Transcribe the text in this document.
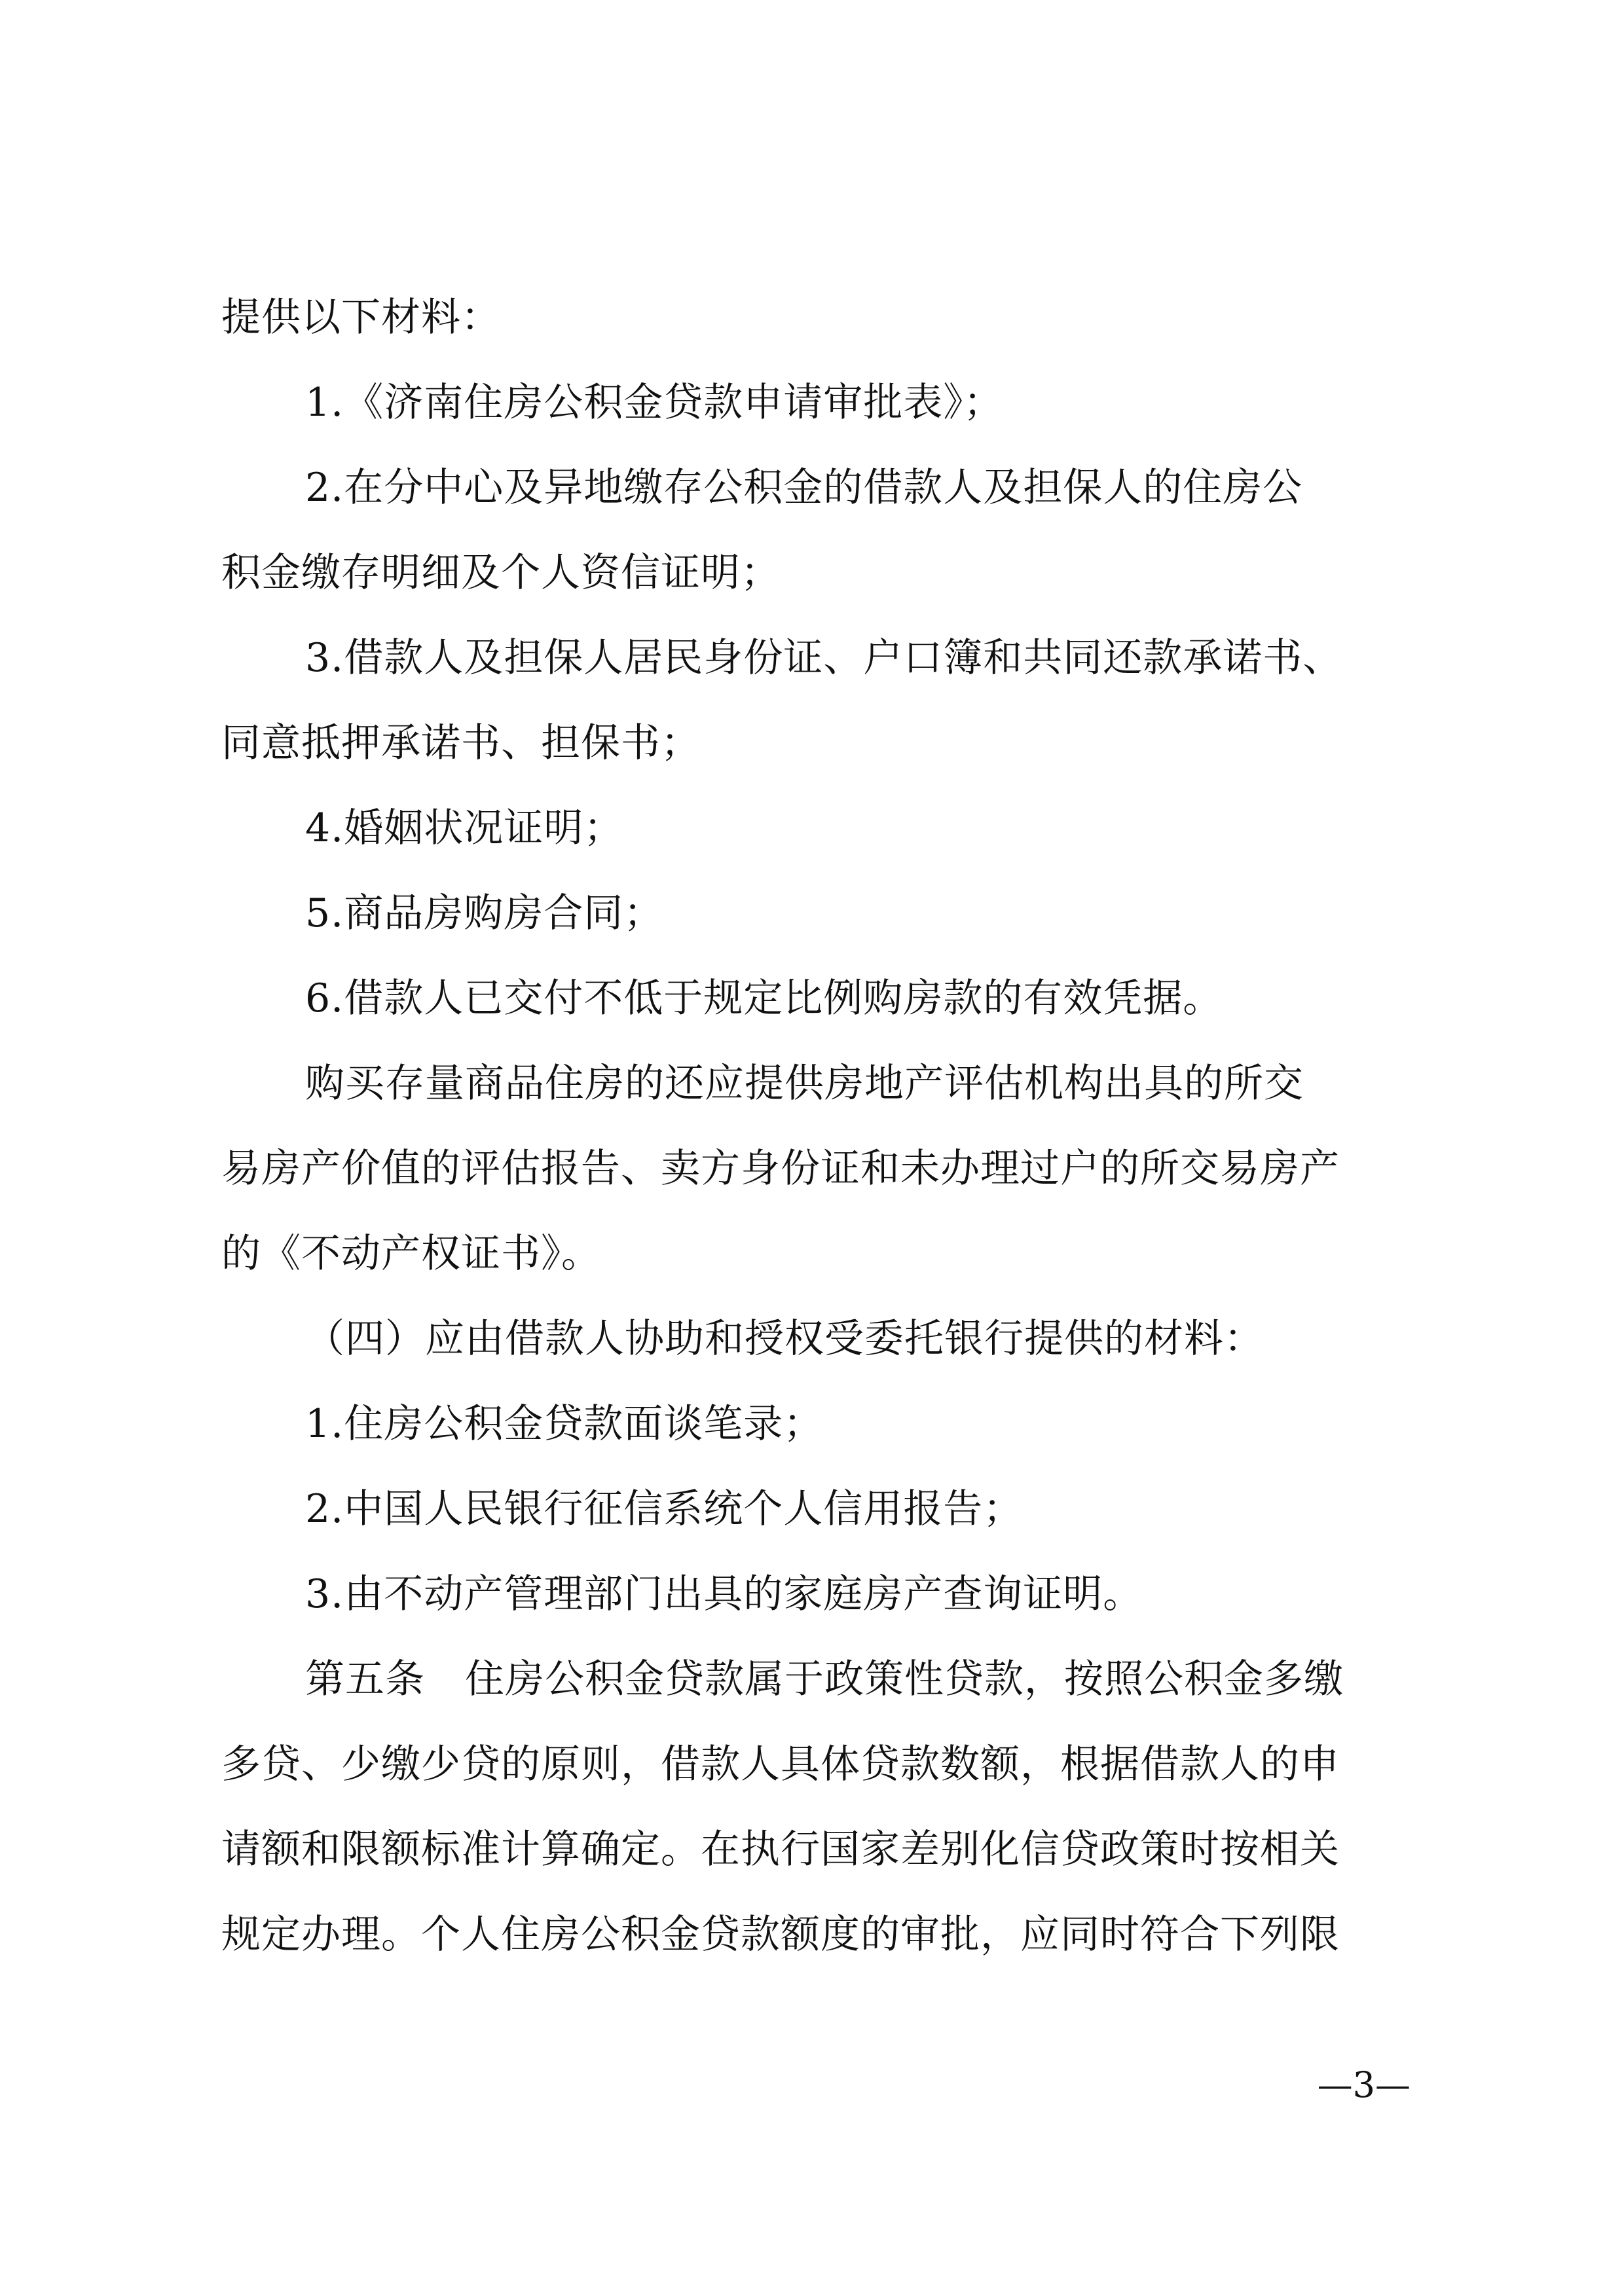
提供以下材料：
1.《济南住房公积金贷款申请审批表》；
2.在分中心及异地缴存公积金的借款人及担保人的住房公
积金缴存明细及个人资信证明；
3.借款人及担保人居民身份证、户口簿和共同还款承诺书、
同意抵押承诺书、担保书；
4.婚姻状况证明；
5.商品房购房合同；
6.借款人已交付不低于规定比例购房款的有效凭据。
购买存量商品住房的还应提供房地产评估机构出具的所交
易房产价值的评估报告、卖方身份证和未办理过户的所交易房产
的《不动产权证书》。
（四）应由借款人协助和授权受委托银行提供的材料：
1.住房公积金贷款面谈笔录；
2.中国人民银行征信系统个人信用报告；
3.由不动产管理部门出具的家庭房产查询证明。
第五条　住房公积金贷款属于政策性贷款，按照公积金多缴
多贷、少缴少贷的原则，借款人具体贷款数额，根据借款人的申
请额和限额标准计算确定。在执行国家差别化信贷政策时按相关
规定办理。个人住房公积金贷款额度的审批，应同时符合下列限
—3—
